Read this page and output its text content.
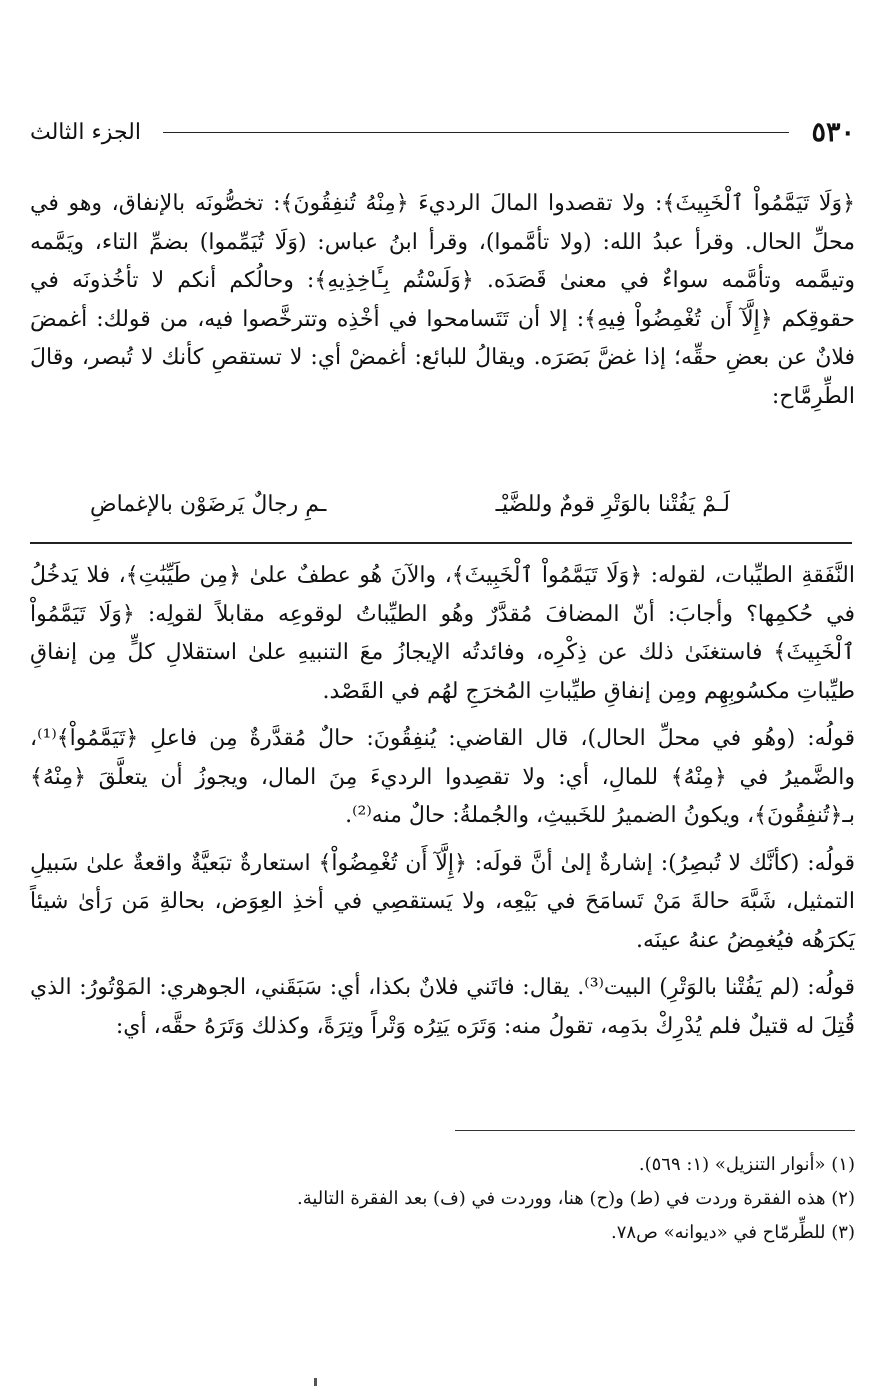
٥٣٠
الجزء الثالث

﴿وَلَا تَيَمَّمُواْ ٱلْخَبِيثَ﴾: ولا تقصدوا المالَ الرديءَ ﴿مِنْهُ تُنفِقُونَ﴾: تخصُّونَه بالإنفاق، وهو في محلِّ الحال. وقرأ عبدُ الله: (ولا تأمَّموا)، وقرأ ابنُ عباس: (وَلَا تُيَمِّموا) بضمِّ التاء، ويَمَّمه وتيمَّمه وتأمَّمه سواءٌ في معنىٰ قَصَدَه. ﴿وَلَسْتُم بِـَٔاخِذِيهِ﴾: وحالُكم أنكم لا تأخُذونَه في حقوقِكم ﴿إِلَّآ أَن تُغْمِضُواْ فِيهِ﴾: إلا أن تَتَسامحوا في أخْذِه وتترخَّصوا فيه، من قولك: أغمضَ فلانٌ عن بعضِ حقِّه؛ إذا غضَّ بَصَرَه. ويقالُ للبائع: أغمضْ أي: لا تستقصِ كأنك لا تُبصر، وقالَ الطِّرِمَّاح:

لَـمْ يَفُتْنا بالوَتْرِ قومٌ وللضَّيْـ
ـمِ رجالٌ يَرضَوْن بالإغماضِ

النَّفَقةِ الطيِّبات، لقوله: ﴿وَلَا تَيَمَّمُواْ ٱلْخَبِيثَ﴾، والآنَ هُو عطفٌ علىٰ ﴿مِن طَيِّبَٰتِ﴾، فلا يَدخُلُ في حُكمِها؟ وأجابَ: أنّ المضافَ مُقدَّرٌ وهُو الطيِّباتُ لوقوعِه مقابلاً لقولِه: ﴿وَلَا تَيَمَّمُواْ ٱلْخَبِيثَ﴾ فاستغنَىٰ ذلك عن ذِكْرِه، وفائدتُه الإيجازُ معَ التنبيهِ علىٰ استقلالِ كلٍّ مِن إنفاقِ طيِّباتِ مكسُوبِهِم ومِن إنفاقِ طيِّباتِ المُخرَجِ لهُم في القَصْد.

قولُه: (وهُو في محلِّ الحال)، قال القاضي: يُنفِقُونَ: حالٌ مُقدَّرةٌ مِن فاعلِ ﴿تَيَمَّمُواْ﴾⁽¹⁾، والضَّميرُ في ﴿مِنْهُ﴾ للمالِ، أي: ولا تقصِدوا الرديءَ مِنَ المال، ويجوزُ أن يتعلَّقَ ﴿مِنْهُ﴾ بـ﴿تُنفِقُونَ﴾، ويكونُ الضميرُ للخَبيثِ، والجُملةُ: حالٌ منه⁽²⁾.

قولُه: (كأنَّك لا تُبصِرُ): إشارةٌ إلىٰ أنَّ قولَه: ﴿إِلَّآ أَن تُغْمِضُواْ﴾ استعارةٌ تبَعيَّةٌ واقعةٌ علىٰ سَبيلِ التمثيل، شَبَّهَ حالةَ مَنْ تَسامَحَ في بَيْعِه، ولا يَستقصِي في أخذِ العِوَض، بحالةِ مَن رَأىٰ شيئاً يَكرَهُه فيُغمِضُ عنهُ عينَه.

قولُه: (لم يَفُتْنا بالوَتْرِ) البيت⁽³⁾. يقال: فاتَني فلانٌ بكذا، أي: سَبَقَني، الجوهري: المَوْتُورُ: الذي قُتِلَ له قتيلٌ فلم يُدْرِكْ بدَمِه، تقولُ منه: وَتَرَه يَتِرُه وَتْراً وتِرَةً، وكذلك وَتَرَهُ حقَّه، أي:

(١) «أنوار التنزيل» (١: ٥٦٩).

(٢) هذه الفقرة وردت في (ط) و(ح) هنا، ووردت في (ف) بعد الفقرة التالية.

(٣) للطِّرمّاح في «ديوانه» ص٧٨.
